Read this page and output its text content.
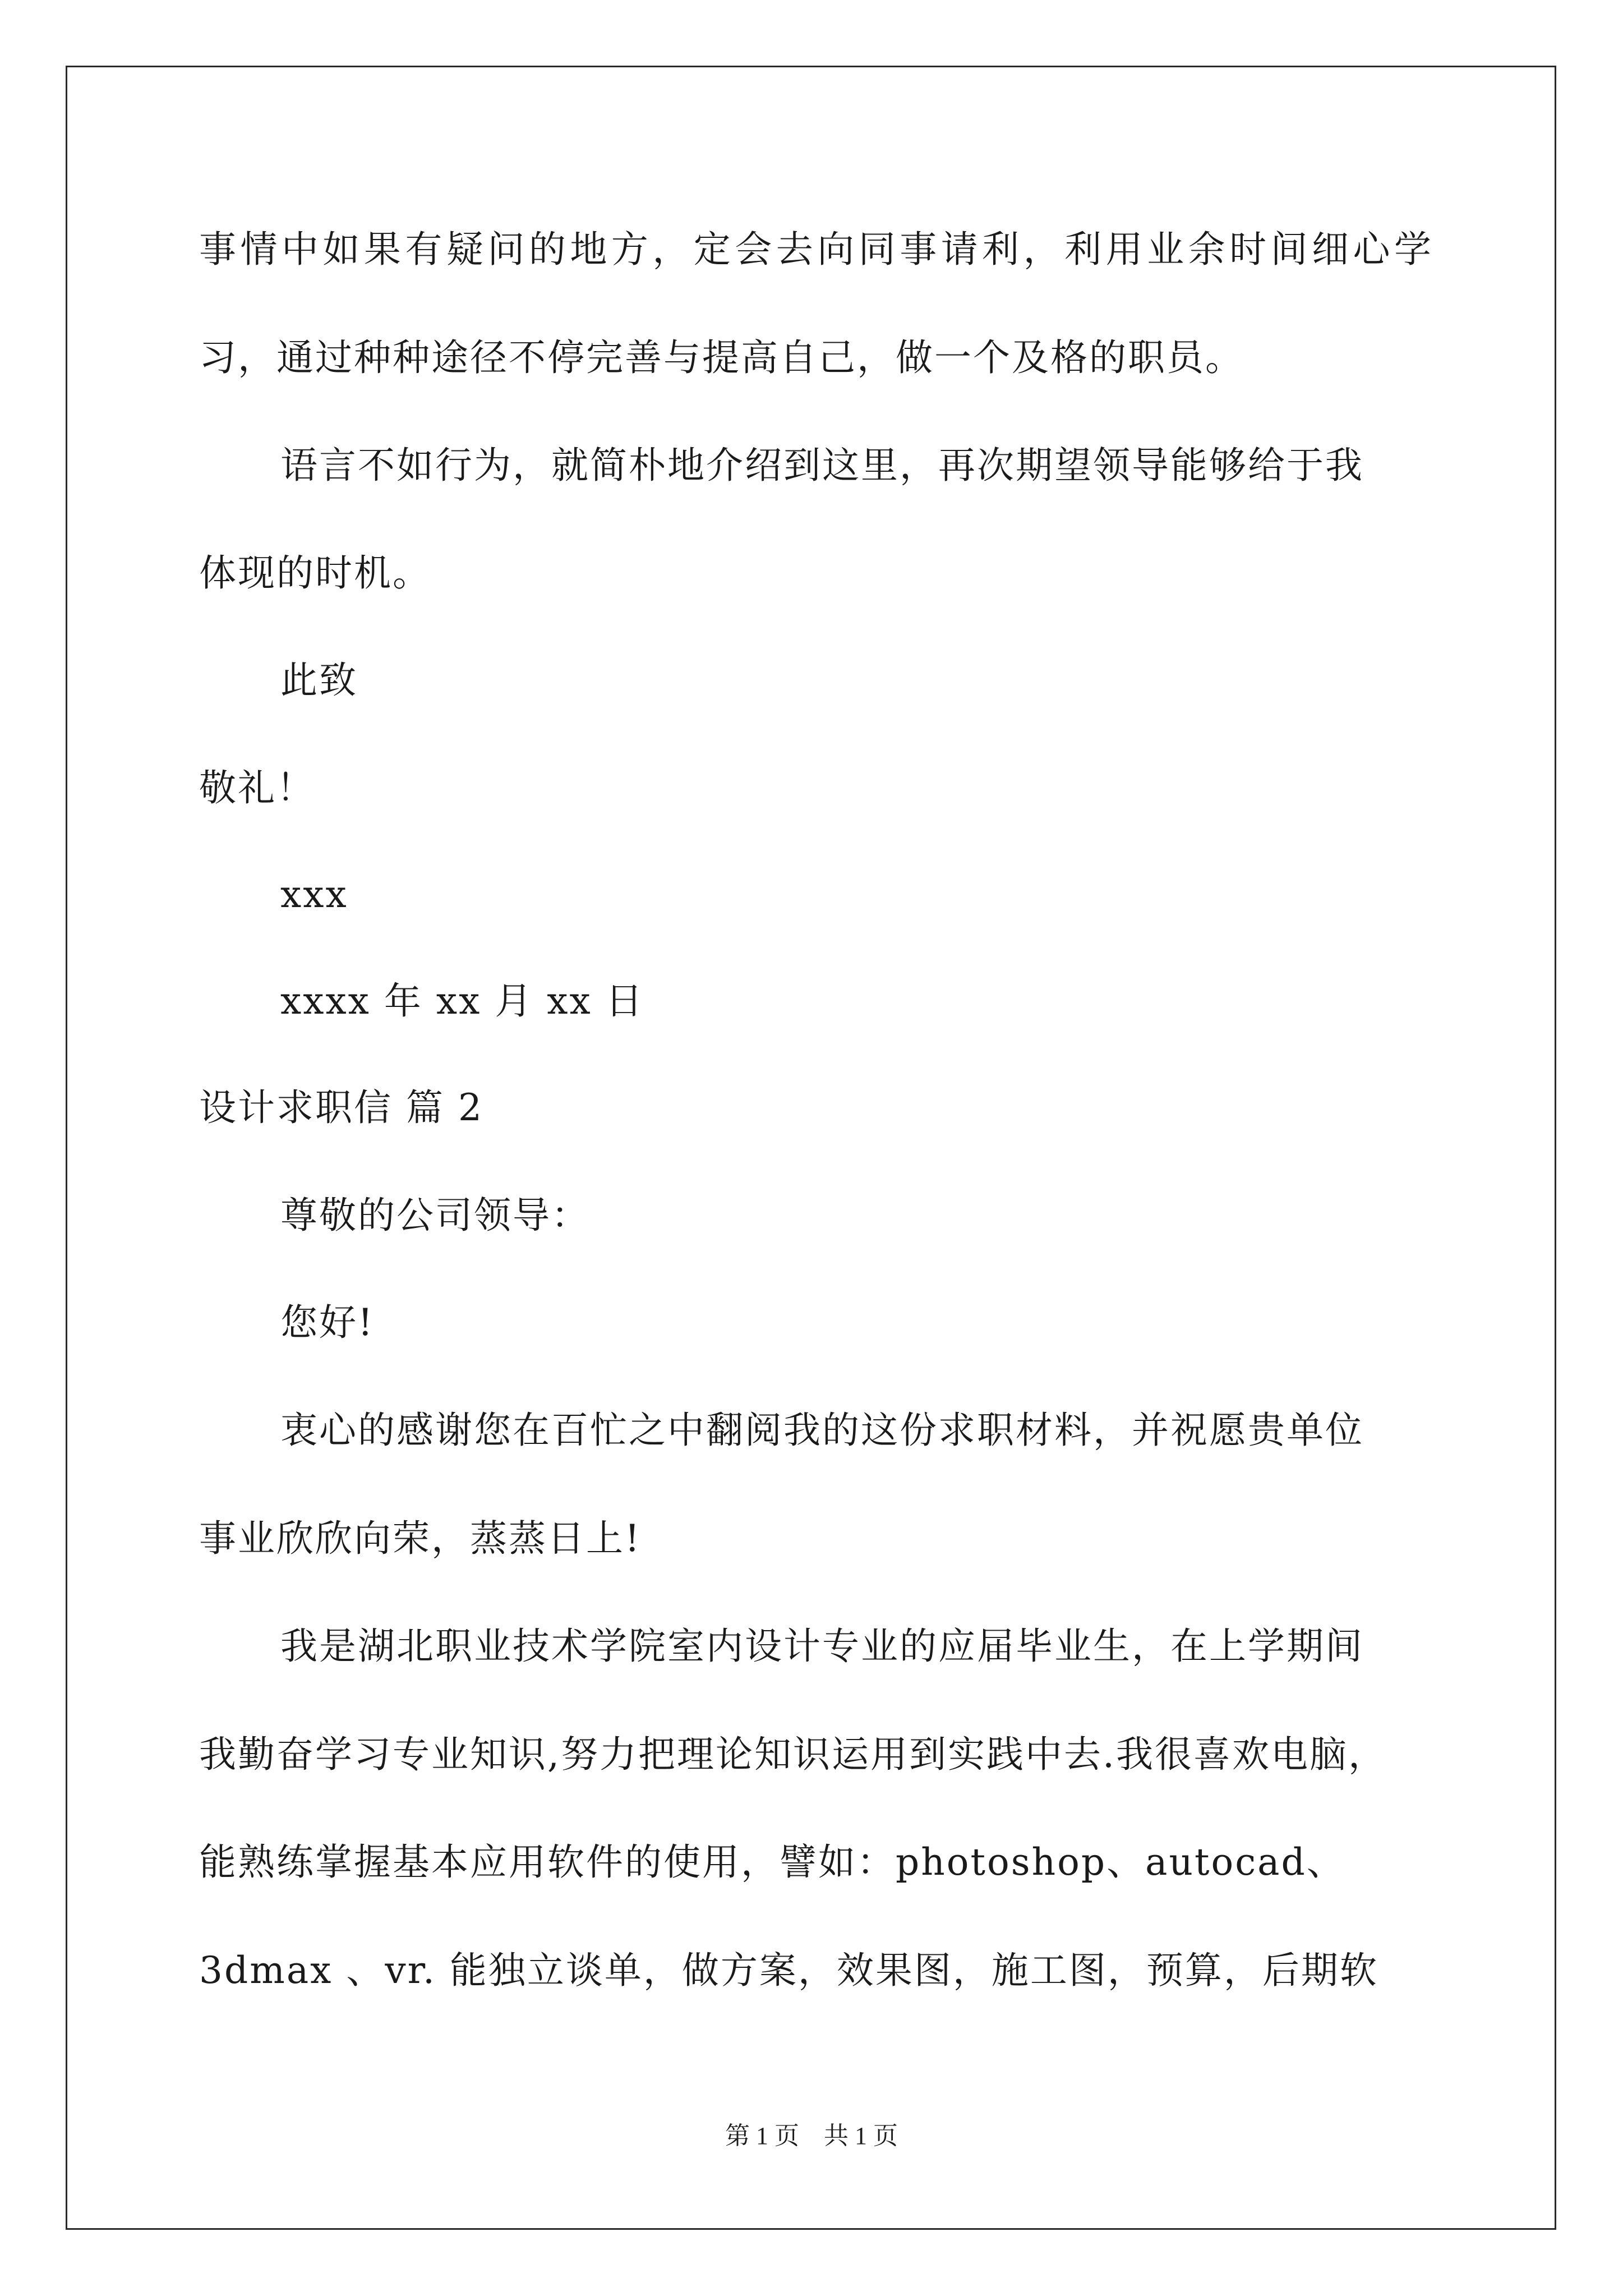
事情中如果有疑问的地方，定会去向同事请利，利用业余时间细心学
习，通过种种途径不停完善与提高自己，做一个及格的职员。
语言不如行为，就简朴地介绍到这里，再次期望领导能够给于我
体现的时机。
此致
敬礼！
xxx
xxxx 年 xx 月 xx 日
设计求职信 篇 2
尊敬的公司领导：
您好!
衷心的感谢您在百忙之中翻阅我的这份求职材料，并祝愿贵单位
事业欣欣向荣，蒸蒸日上!
我是湖北职业技术学院室内设计专业的应届毕业生，在上学期间
我勤奋学习专业知识,努力把理论知识运用到实践中去.我很喜欢电脑，
能熟练掌握基本应用软件的使用，譬如：photoshop、autocad、
3dmax 、vr. 能独立谈单，做方案，效果图，施工图，预算，后期软
第 1 页　共 1 页
